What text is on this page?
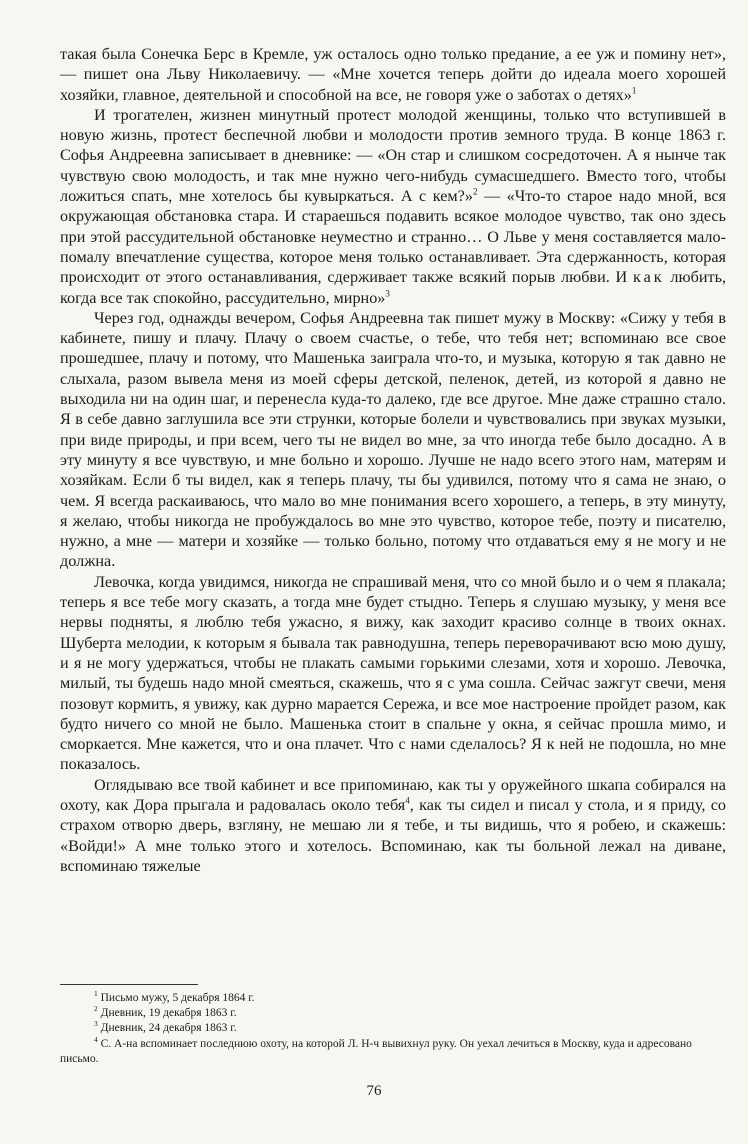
такая была Сонечка Берс в Кремле, уж осталось одно только предание, а ее уж и помину нет», — пишет она Льву Николаевичу. — «Мне хочется теперь дойти до идеала моего хорошей хозяйки, главное, деятельной и способной на все, не говоря уже о заботах о детях»$^1$

И трогателен, жизнен минутный протест молодой женщины, только что вступившей в новую жизнь, протест беспечной любви и молодости против земного труда. В конце 1863 г. Софья Андреевна записывает в дневнике: — «Он стар и слишком сосредоточен. А я нынче так чувствую свою молодость, и так мне нужно чего-нибудь сумасшедшего. Вместо того, чтобы ложиться спать, мне хотелось бы кувыркаться. А с кем?»$^2$ — «Что-то старое надо мной, вся окружающая обстановка стара. И стараешься подавить всякое молодое чувство, так оно здесь при этой рассудительной обстановке неуместно и странно… О Льве у меня составляется мало-помалу впечатление существа, которое меня только останавливает. Эта сдержанность, которая происходит от этого останавливания, сдерживает также всякий порыв любви. И как любить, когда все так спокойно, рассудительно, мирно»$^3$

Через год, однажды вечером, Софья Андреевна так пишет мужу в Москву: «Сижу у тебя в кабинете, пишу и плачу. Плачу о своем счастье, о тебе, что тебя нет; вспоминаю все свое прошедшее, плачу и потому, что Машенька заиграла что-то, и музыка, которую я так давно не слыхала, разом вывела меня из моей сферы детской, пеленок, детей, из которой я давно не выходила ни на один шаг, и перенесла куда-то далеко, где все другое. Мне даже страшно стало. Я в себе давно заглушила все эти струнки, которые болели и чувствовались при звуках музыки, при виде природы, и при всем, чего ты не видел во мне, за что иногда тебе было досадно. А в эту минуту я все чувствую, и мне больно и хорошо. Лучше не надо всего этого нам, матерям и хозяйкам. Если б ты видел, как я теперь плачу, ты бы удивился, потому что я сама не знаю, о чем. Я всегда раскаиваюсь, что мало во мне понимания всего хорошего, а теперь, в эту минуту, я желаю, чтобы никогда не пробуждалось во мне это чувство, которое тебе, поэту и писателю, нужно, а мне — матери и хозяйке — только больно, потому что отдаваться ему я не могу и не должна.

Левочка, когда увидимся, никогда не спрашивай меня, что со мной было и о чем я плакала; теперь я все тебе могу сказать, а тогда мне будет стыдно. Теперь я слушаю музыку, у меня все нервы подняты, я люблю тебя ужасно, я вижу, как заходит красиво солнце в твоих окнах. Шуберта мелодии, к которым я бывала так равнодушна, теперь переворачивают всю мою душу, и я не могу удержаться, чтобы не плакать самыми горькими слезами, хотя и хорошо. Левочка, милый, ты будешь надо мной смеяться, скажешь, что я с ума сошла. Сейчас зажгут свечи, меня позовут кормить, я увижу, как дурно марается Сережа, и все мое настроение пройдет разом, как будто ничего со мной не было. Машенька стоит в спальне у окна, я сейчас прошла мимо, и сморкается. Мне кажется, что и она плачет. Что с нами сделалось? Я к ней не подошла, но мне показалось.

Оглядываю все твой кабинет и все припоминаю, как ты у оружейного шкапа собирался на охоту, как Дора прыгала и радовалась около тебя$^4$, как ты сидел и писал у стола, и я приду, со страхом отворю дверь, взгляну, не мешаю ли я тебе, и ты видишь, что я робею, и скажешь: «Войди!» А мне только этого и хотелось. Вспоминаю, как ты больной лежал на диване, вспоминаю тяжелые

$^1$ Письмо мужу, 5 декабря 1864 г.

$^2$ Дневник, 19 декабря 1863 г.

$^3$ Дневник, 24 декабря 1863 г.

$^4$ С. А-на вспоминает последнюю охоту, на которой Л. Н-ч вывихнул руку. Он уехал лечиться в Москву, куда и адресовано письмо.

76
